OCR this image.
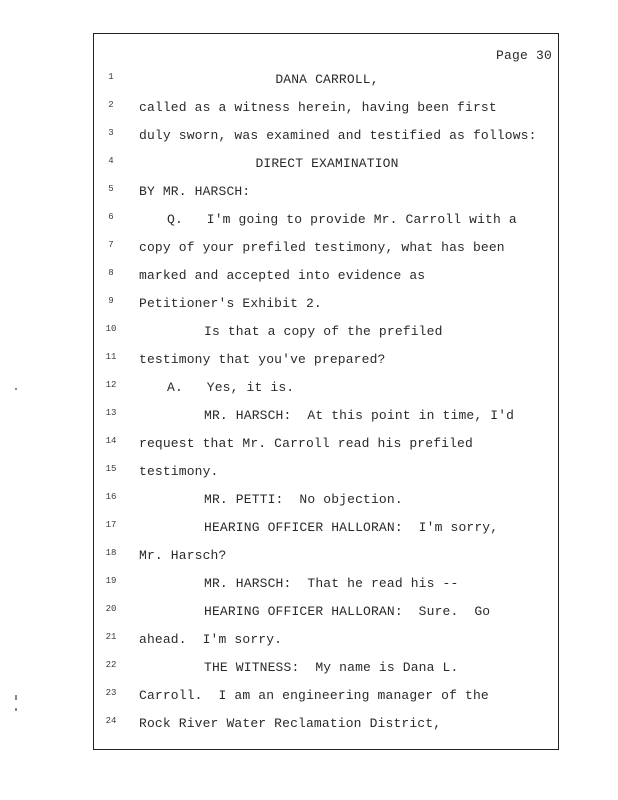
Page 30
1	DANA CARROLL,
2	called as a witness herein, having been first
3	duly sworn, was examined and testified as follows:
4	DIRECT EXAMINATION
5	BY MR. HARSCH:
6	Q.   I'm going to provide Mr. Carroll with a
7	copy of your prefiled testimony, what has been
8	marked and accepted into evidence as
9	Petitioner's Exhibit 2.
10	Is that a copy of the prefiled
11 testimony that you've prepared?
12	A.   Yes, it is.
13	MR. HARSCH:  At this point in time, I'd
14 request that Mr. Carroll read his prefiled
15 testimony.
16	MR. PETTI:  No objection.
17	HEARING OFFICER HALLORAN:  I'm sorry,
18 Mr. Harsch?
19	MR. HARSCH:  That he read his --
20	HEARING OFFICER HALLORAN:  Sure.  Go
21 ahead.  I'm sorry.
22	THE WITNESS:  My name is Dana L.
23 Carroll.  I am an engineering manager of the
24 Rock River Water Reclamation District,
